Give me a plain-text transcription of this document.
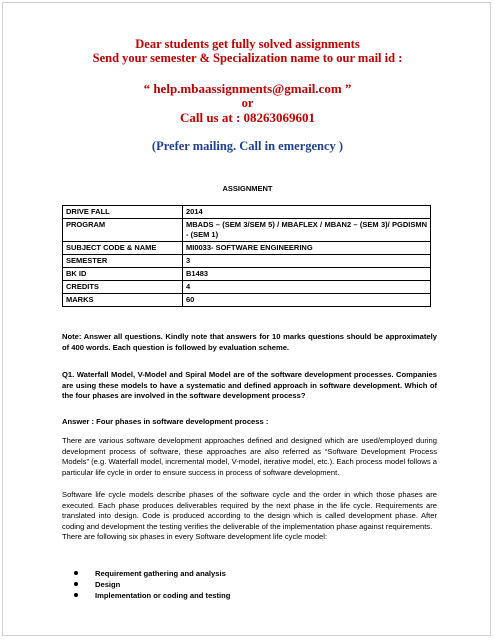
Dear students get fully solved assignments
Send your semester & Specialization name to our mail id :
“ help.mbaassignments@gmail.com ”
or
Call us at : 08263069601
(Prefer mailing. Call in emergency )
ASSIGNMENT
DRIVE FALL	2014
PROGRAM	MBADS – (SEM 3/SEM 5) / MBAFLEX / MBAN2 – (SEM 3)/ PGDISMN - (SEM 1)
SUBJECT CODE & NAME	MI0033- SOFTWARE ENGINEERING
SEMESTER	3
BK ID	B1483
CREDITS	4
MARKS	60
Note: Answer all questions. Kindly note that answers for 10 marks questions should be approximately of 400 words. Each question is followed by evaluation scheme.
Q1. Waterfall Model, V-Model and Spiral Model are of the software development processes. Companies are using these models to have a systematic and defined approach in software development. Which of the four phases are involved in the software development process?
Answer : Four phases in software development process :
There are various software development approaches defined and designed which are used/employed during development process of software, these approaches are also referred as “Software Development Process Models” (e.g. Waterfall model, incremental model, V-model, iterative model, etc.). Each process model follows a particular life cycle in order to ensure success in process of software development.
Software life cycle models describe phases of the software cycle and the order in which those phases are executed. Each phase produces deliverables required by the next phase in the life cycle. Requirements are translated into design. Code is produced according to the design which is called development phase. After coding and development the testing verifies the deliverable of the implementation phase against requirements.
There are following six phases in every Software development life cycle model:
Requirement gathering and analysis
Design
Implementation or coding and testing
